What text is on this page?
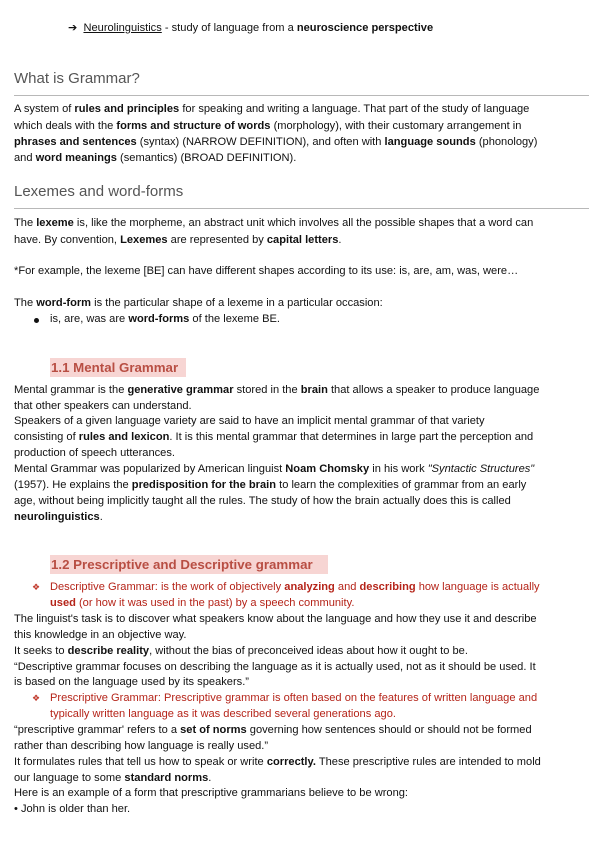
➔ Neurolinguistics - study of language from a neuroscience perspective
What is Grammar?
A system of rules and principles for speaking and writing a language. That part of the study of language
which deals with the forms and structure of words (morphology), with their customary arrangement in
phrases and sentences (syntax) (NARROW DEFINITION), and often with language sounds (phonology)
and word meanings (semantics) (BROAD DEFINITION).
Lexemes and word-forms
The lexeme is, like the morpheme, an abstract unit which involves all the possible shapes that a word can
have. By convention, Lexemes are represented by capital letters.
*For example, the lexeme [BE] can have different shapes according to its use: is, are, am, was, were…
The word-form is the particular shape of a lexeme in a particular occasion:
is, are, was are word-forms of the lexeme BE.
1.1 Mental Grammar
Mental grammar is the generative grammar stored in the brain that allows a speaker to produce language
that other speakers can understand.
Speakers of a given language variety are said to have an implicit mental grammar of that variety
consisting of rules and lexicon. It is this mental grammar that determines in large part the perception and
production of speech utterances.
Mental Grammar was popularized by American linguist Noam Chomsky in his work "Syntactic Structures"
(1957). He explains the predisposition for the brain to learn the complexities of grammar from an early
age, without being implicitly taught all the rules. The study of how the brain actually does this is called
neurolinguistics.
1.2 Prescriptive and Descriptive grammar
❖ Descriptive Grammar: is the work of objectively analyzing and describing how language is actually
used (or how it was used in the past) by a speech community.
The linguist's task is to discover what speakers know about the language and how they use it and describe
this knowledge in an objective way.
It seeks to describe reality, without the bias of preconceived ideas about how it ought to be.
“Descriptive grammar focuses on describing the language as it is actually used, not as it should be used. It
is based on the language used by its speakers.”
❖ Prescriptive Grammar: Prescriptive grammar is often based on the features of written language and
typically written language as it was described several generations ago.
“prescriptive grammar' refers to a set of norms governing how sentences should or should not be formed
rather than describing how language is really used.”
It formulates rules that tell us how to speak or write correctly. These prescriptive rules are intended to mold
our language to some standard norms.
Here is an example of a form that prescriptive grammarians believe to be wrong:
• John is older than her.
